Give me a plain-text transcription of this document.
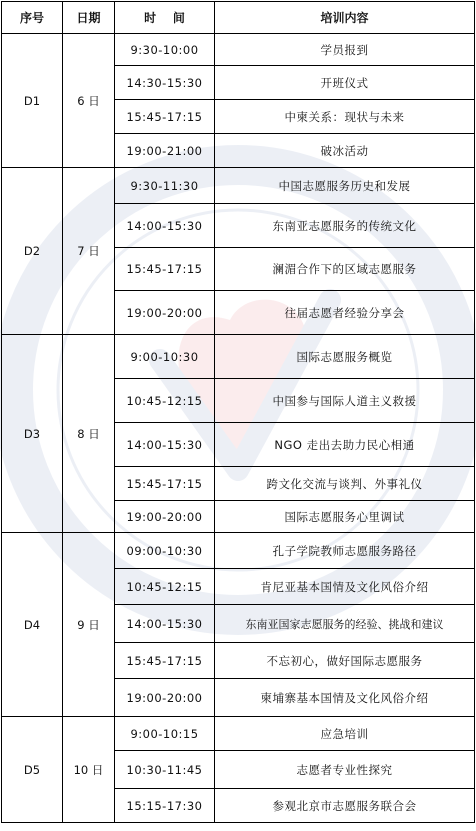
序号	日期	时    间	培训内容
D1	6 日	9:30-10:00	学员报到
		14:30-15:30	开班仪式
		15:45-17:15	中柬关系：现状与未来
		19:00-21:00	破冰活动
D2	7 日	9:30-11:30	中国志愿服务历史和发展
		14:00-15:30	东南亚志愿服务的传统文化
		15:45-17:15	澜湄合作下的区域志愿服务
		19:00-20:00	往届志愿者经验分享会
D3	8 日	9:00-10:30	国际志愿服务概览
		10:45-12:15	中国参与国际人道主义救援
		14:00-15:30	NGO 走出去助力民心相通
		15:45-17:15	跨文化交流与谈判、外事礼仪
		19:00-20:00	国际志愿服务心里调试
D4	9 日	09:00-10:30	孔子学院教师志愿服务路径
		10:45-12:15	肯尼亚基本国情及文化风俗介绍
		14:00-15:30	东南亚国家志愿服务的经验、挑战和建议
		15:45-17:15	不忘初心，做好国际志愿服务
		19:00-20:00	柬埔寨基本国情及文化风俗介绍
D5	10 日	9:00-10:15	应急培训
		10:30-11:45	志愿者专业性探究
		15:15-17:30	参观北京市志愿服务联合会
